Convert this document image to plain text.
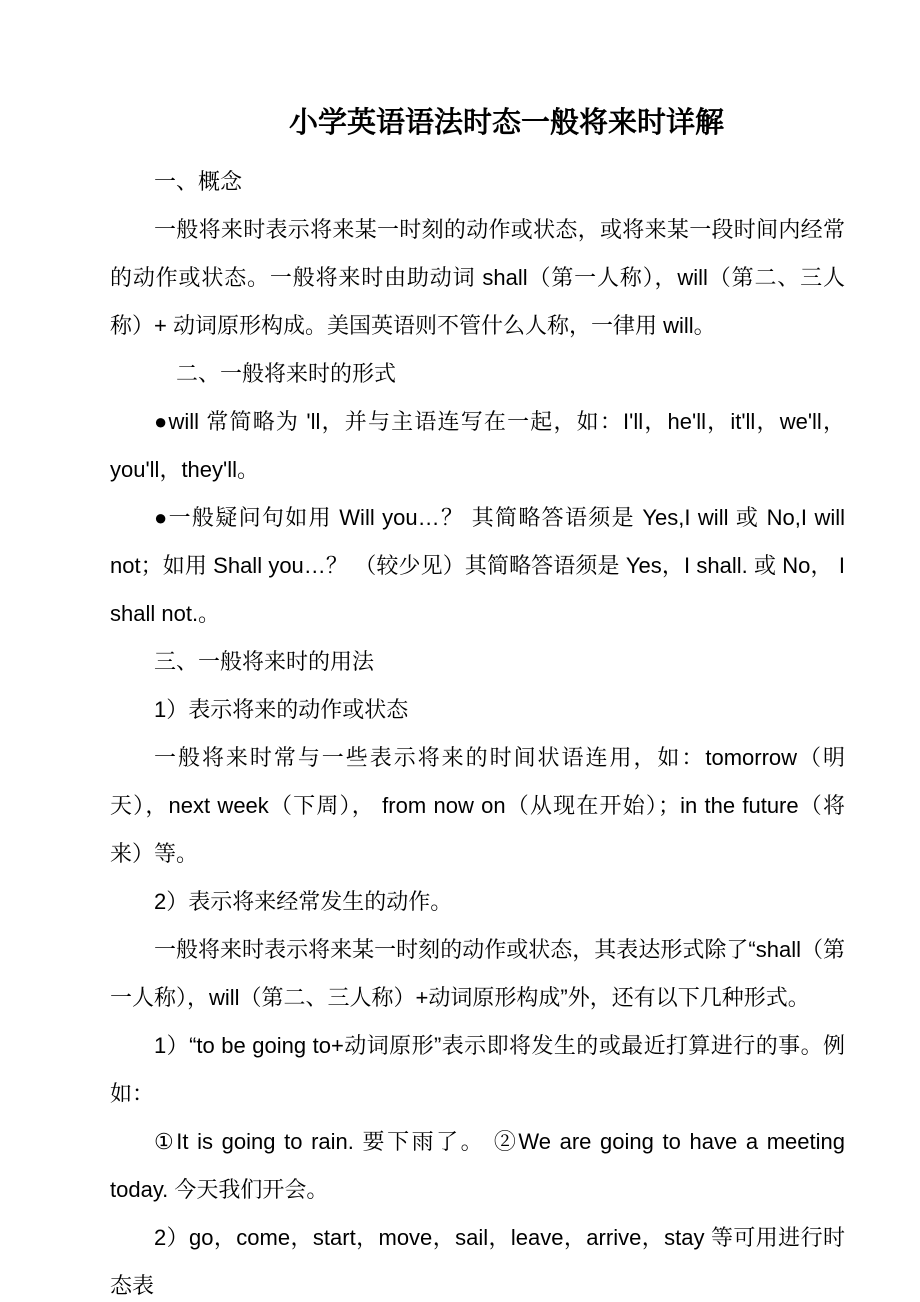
小学英语语法时态一般将来时详解

一、概念

一般将来时表示将来某一时刻的动作或状态，或将来某一段时间内经常的动作或状态。一般将来时由助动词 shall（第一人称），will（第二、三人称）+ 动词原形构成。美国英语则不管什么人称，一律用 will。

二、一般将来时的形式

●will 常简略为 'll，并与主语连写在一起，如：I'll，he'll，it'll，we'll，you'll，they'll。

●一般疑问句如用 Will you…？ 其简略答语须是 Yes,I will 或 No,I will not；如用 Shall you…？ （较少见）其简略答语须是 Yes，I shall. 或 No， I shall not.。

三、一般将来时的用法

1）表示将来的动作或状态

一般将来时常与一些表示将来的时间状语连用，如：tomorrow（明天），next week（下周）， from now on（从现在开始）；in the future（将来）等。

2）表示将来经常发生的动作。

一般将来时表示将来某一时刻的动作或状态，其表达形式除了“shall（第一人称），will（第二、三人称）+动词原形构成”外，还有以下几种形式。

1）“to be going to+动词原形”表示即将发生的或最近打算进行的事。例如：

①It is going to rain. 要下雨了。 ②We are going to have a meeting today. 今天我们开会。

2）go，come，start，move，sail，leave，arrive，stay 等可用进行时态表
